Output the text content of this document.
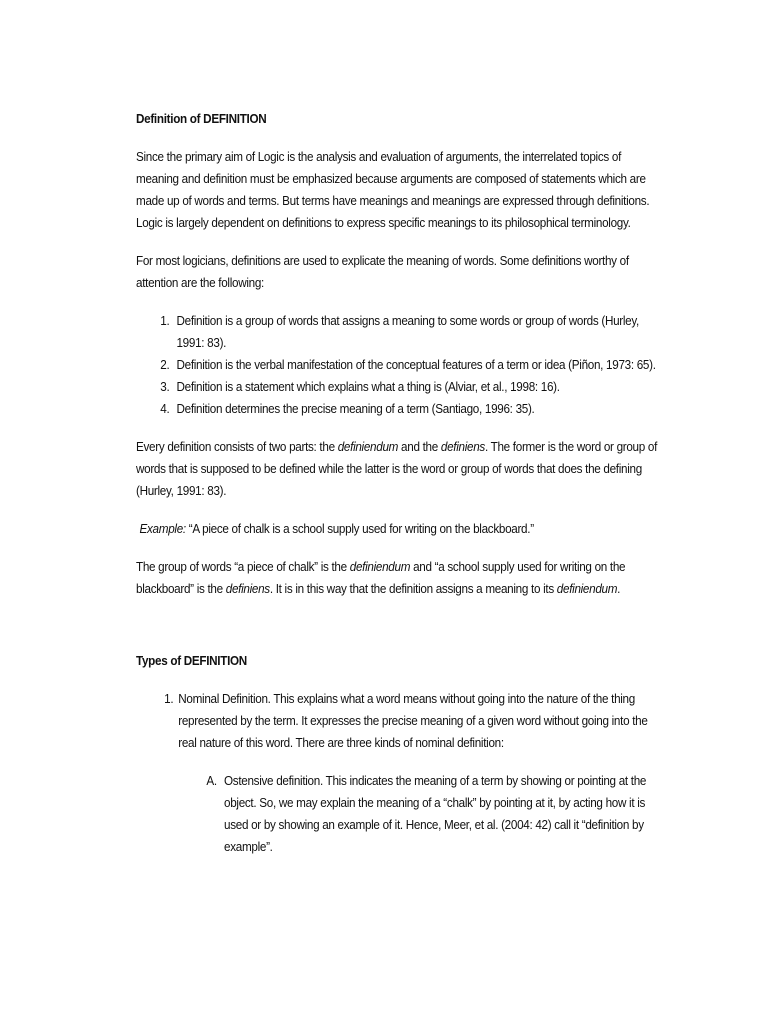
Definition of DEFINITION

Since the primary aim of Logic is the analysis and evaluation of arguments, the interrelated topics of meaning and definition must be emphasized because arguments are composed of statements which are made up of words and terms. But terms have meanings and meanings are expressed through definitions. Logic is largely dependent on definitions to express specific meanings to its philosophical terminology.

For most logicians, definitions are used to explicate the meaning of words. Some definitions worthy of attention are the following:

1. Definition is a group of words that assigns a meaning to some words or group of words (Hurley, 1991: 83).
2. Definition is the verbal manifestation of the conceptual features of a term or idea (Piñon, 1973: 65).
3. Definition is a statement which explains what a thing is (Alviar, et al., 1998: 16).
4. Definition determines the precise meaning of a term (Santiago, 1996: 35).

Every definition consists of two parts: the definiendum and the definiens. The former is the word or group of words that is supposed to be defined while the latter is the word or group of words that does the defining (Hurley, 1991: 83).

Example: “A piece of chalk is a school supply used for writing on the blackboard.”

The group of words “a piece of chalk” is the definiendum and “a school supply used for writing on the blackboard” is the definiens. It is in this way that the definition assigns a meaning to its definiendum.

Types of DEFINITION
1. Nominal Definition. This explains what a word means without going into the nature of the thing represented by the term. It expresses the precise meaning of a given word without going into the real nature of this word. There are three kinds of nominal definition:
A. Ostensive definition. This indicates the meaning of a term by showing or pointing at the object. So, we may explain the meaning of a “chalk” by pointing at it, by acting how it is used or by showing an example of it. Hence, Meer, et al. (2004: 42) call it “definition by example”.
